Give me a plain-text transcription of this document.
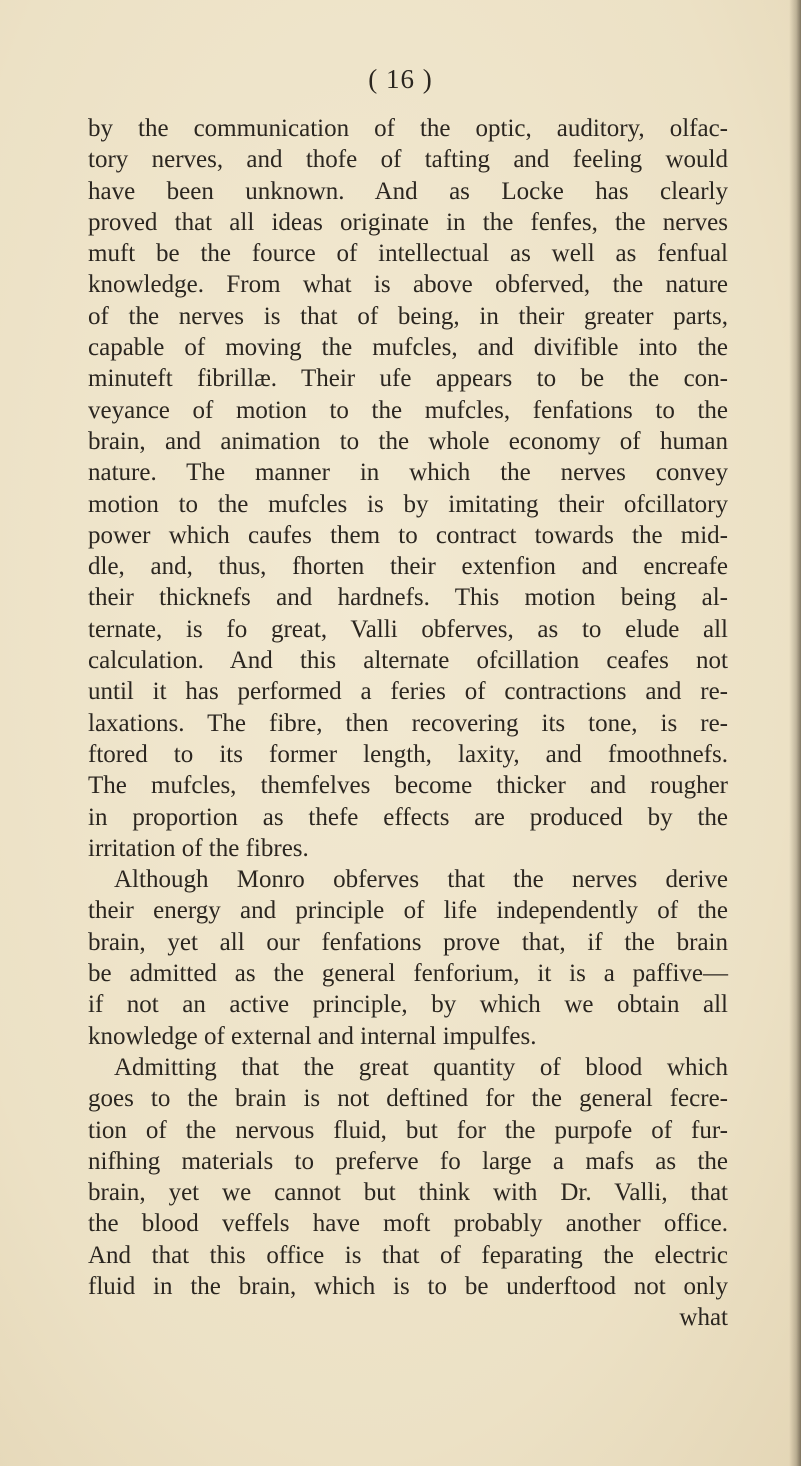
( 16 )
by the communication of the optic, auditory, olfac-
tory nerves, and thofe of tafting and feeling would
have been unknown. And as Locke has clearly
proved that all ideas originate in the fenfes, the nerves
muft be the fource of intellectual as well as fenfual
knowledge. From what is above obferved, the nature
of the nerves is that of being, in their greater parts,
capable of moving the mufcles, and divifible into the
minuteft fibrillæ. Their ufe appears to be the con-
veyance of motion to the mufcles, fenfations to the
brain, and animation to the whole economy of human
nature. The manner in which the nerves convey
motion to the mufcles is by imitating their ofcillatory
power which caufes them to contract towards the mid-
dle, and, thus, fhorten their extenfion and encreafe
their thicknefs and hardnefs. This motion being al-
ternate, is fo great, Valli obferves, as to elude all
calculation. And this alternate ofcillation ceafes not
until it has performed a feries of contractions and re-
laxations. The fibre, then recovering its tone, is re-
ftored to its former length, laxity, and fmoothnefs.
The mufcles, themfelves become thicker and rougher
in proportion as thefe effects are produced by the
irritation of the fibres.
Although Monro obferves that the nerves derive
their energy and principle of life independently of the
brain, yet all our fenfations prove that, if the brain
be admitted as the general fenforium, it is a paffive—
if not an active principle, by which we obtain all
knowledge of external and internal impulfes.
Admitting that the great quantity of blood which
goes to the brain is not deftined for the general fecre-
tion of the nervous fluid, but for the purpofe of fur-
nifhing materials to preferve fo large a mafs as the
brain, yet we cannot but think with Dr. Valli, that
the blood veffels have moft probably another office.
And that this office is that of feparating the electric
fluid in the brain, which is to be underftood not only
what
